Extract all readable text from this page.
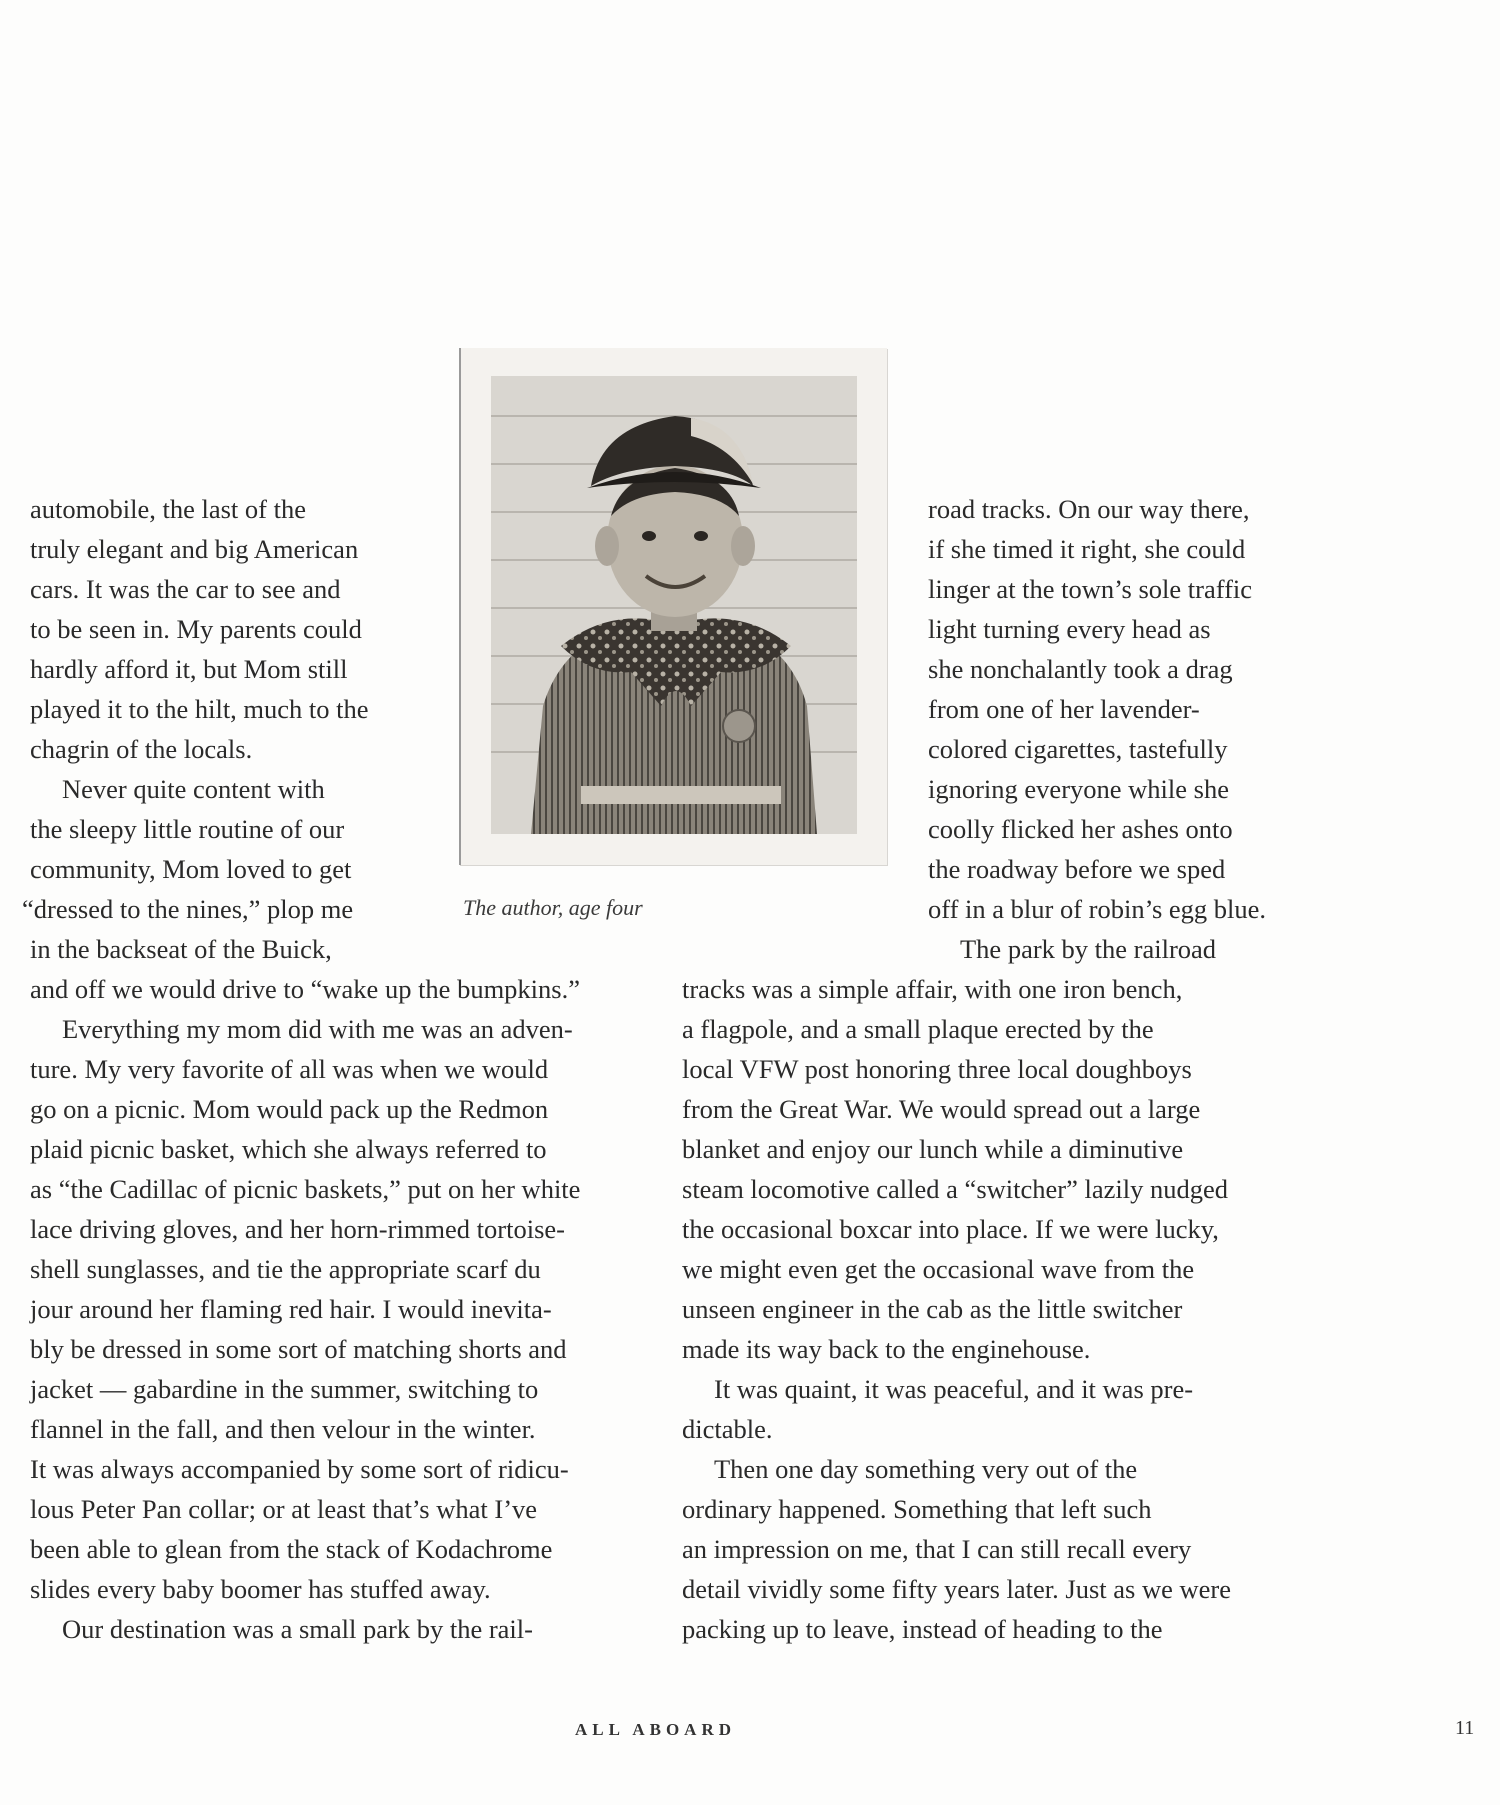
The author, age four
automobile, the last of the
truly elegant and big American
cars. It was the car to see and
to be seen in. My parents could
hardly afford it, but Mom still
played it to the hilt, much to the
chagrin of the locals.
Never quite content with
the sleepy little routine of our
community, Mom loved to get
“dressed to the nines,” plop me
in the backseat of the Buick,
and off we would drive to “wake up the bumpkins.”
Everything my mom did with me was an adven-
ture. My very favorite of all was when we would
go on a picnic. Mom would pack up the Redmon
plaid picnic basket, which she always referred to
as “the Cadillac of picnic baskets,” put on her white
lace driving gloves, and her horn-rimmed tortoise-
shell sunglasses, and tie the appropriate scarf du
jour around her flaming red hair. I would inevita-
bly be dressed in some sort of matching shorts and
jacket — gabardine in the summer, switching to
flannel in the fall, and then velour in the winter.
It was always accompanied by some sort of ridicu-
lous Peter Pan collar; or at least that’s what I’ve
been able to glean from the stack of Kodachrome
slides every baby boomer has stuffed away.
Our destination was a small park by the rail-
road tracks. On our way there,
if she timed it right, she could
linger at the town’s sole traffic
light turning every head as
she nonchalantly took a drag
from one of her lavender-
colored cigarettes, tastefully
ignoring everyone while she
coolly flicked her ashes onto
the roadway before we sped
off in a blur of robin’s egg blue.
The park by the railroad
tracks was a simple affair, with one iron bench,
a flagpole, and a small plaque erected by the
local VFW post honoring three local doughboys
from the Great War. We would spread out a large
blanket and enjoy our lunch while a diminutive
steam locomotive called a “switcher” lazily nudged
the occasional boxcar into place. If we were lucky,
we might even get the occasional wave from the
unseen engineer in the cab as the little switcher
made its way back to the enginehouse.
It was quaint, it was peaceful, and it was pre-
dictable.
Then one day something very out of the
ordinary happened. Something that left such
an impression on me, that I can still recall every
detail vividly some fifty years later. Just as we were
packing up to leave, instead of heading to the
ALL ABOARD	11
